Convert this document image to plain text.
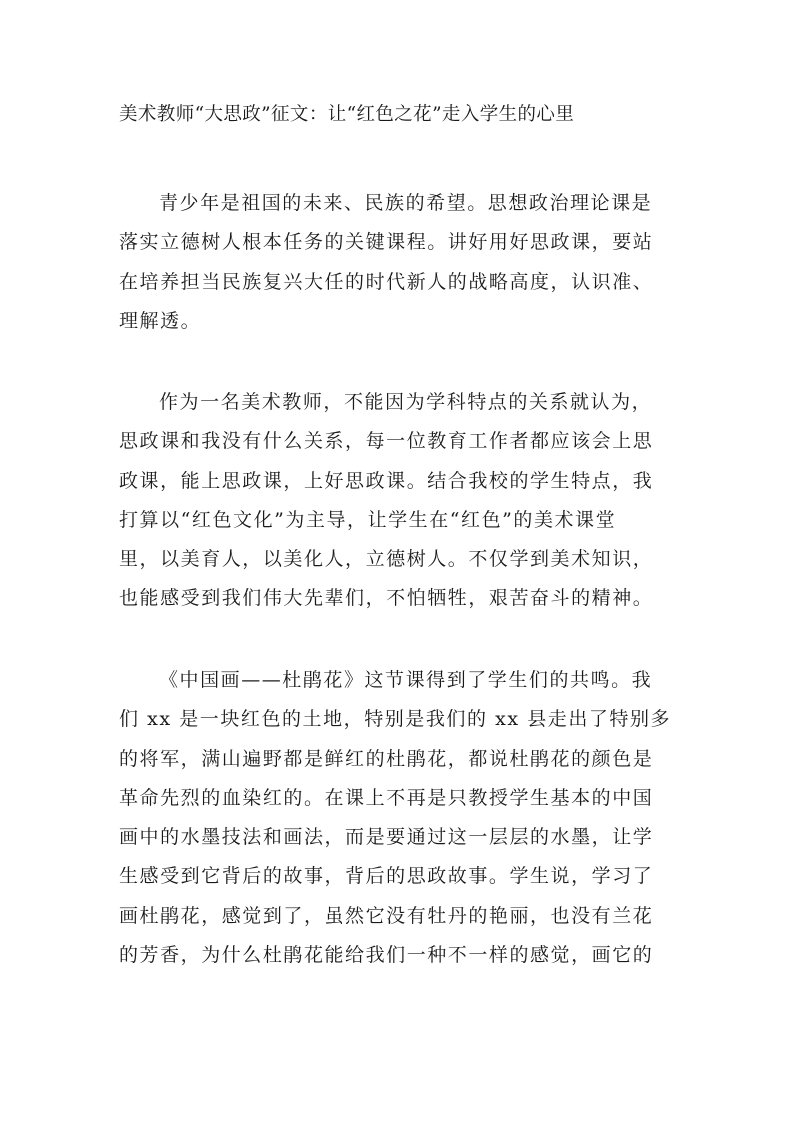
美术教师“大思政”征文：让“红色之花”走入学生的心里
青少年是祖国的未来、民族的希望。思想政治理论课是
落实立德树人根本任务的关键课程。讲好用好思政课，要站
在培养担当民族复兴大任的时代新人的战略高度，认识准、
理解透。
作为一名美术教师，不能因为学科特点的关系就认为，
思政课和我没有什么关系，每一位教育工作者都应该会上思
政课，能上思政课，上好思政课。结合我校的学生特点，我
打算以“红色文化”为主导，让学生在“红色”的美术课堂
里，以美育人，以美化人，立德树人。不仅学到美术知识，
也能感受到我们伟大先辈们，不怕牺牲，艰苦奋斗的精神。
《中国画——杜鹃花》这节课得到了学生们的共鸣。我
们 xx 是一块红色的土地，特别是我们的 xx 县走出了特别多
的将军，满山遍野都是鲜红的杜鹃花，都说杜鹃花的颜色是
革命先烈的血染红的。在课上不再是只教授学生基本的中国
画中的水墨技法和画法，而是要通过这一层层的水墨，让学
生感受到它背后的故事，背后的思政故事。学生说，学习了
画杜鹃花，感觉到了，虽然它没有牡丹的艳丽，也没有兰花
的芳香，为什么杜鹃花能给我们一种不一样的感觉，画它的
